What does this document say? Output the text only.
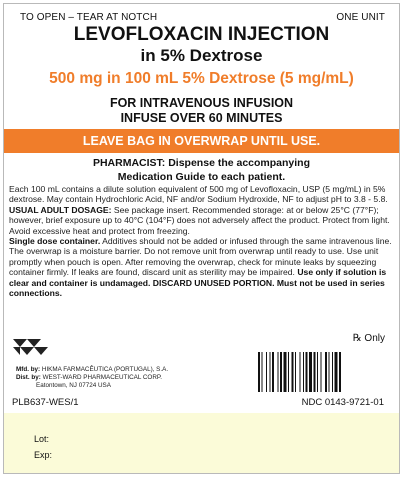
TO OPEN – TEAR AT NOTCH	ONE UNIT
LEVOFLOXACIN INJECTION
in 5% Dextrose
500 mg in 100 mL 5% Dextrose (5 mg/mL)
FOR INTRAVENOUS INFUSION
INFUSE OVER 60 MINUTES
LEAVE BAG IN OVERWRAP UNTIL USE.
PHARMACIST: Dispense the accompanying
Medication Guide to each patient.

Each 100 mL contains a dilute solution equivalent of 500 mg of Levofloxacin, USP (5 mg/mL) in 5% dextrose. May contain Hydrochloric Acid, NF and/or Sodium Hydroxide, NF to adjust pH to 3.8 - 5.8.

USUAL ADULT DOSAGE: See package insert. Recommended storage: at or below 25°C (77°F); however, brief exposure up to 40°C (104°F) does not adversely affect the product. Protect from light. Avoid excessive heat and protect from freezing.

Single dose container. Additives should not be added or infused through the same intravenous line. The overwrap is a moisture barrier. Do not remove unit from overwrap until ready to use. Use unit promptly when pouch is open. After removing the overwrap, check for minute leaks by squeezing container firmly. If leaks are found, discard unit as sterility may be impaired. Use only if solution is clear and container is undamaged. DISCARD UNUSED PORTION. Must not be used in series connections.

℞ Only
Mfd. by: HIKMA FARMACÊUTICA (PORTUGAL), S.A.
Dist. by: WEST-WARD PHARMACEUTICAL CORP.
Eatontown, NJ 07724 USA
PLB637-WES/1	NDC 0143-9721-01
Lot:
Exp:
